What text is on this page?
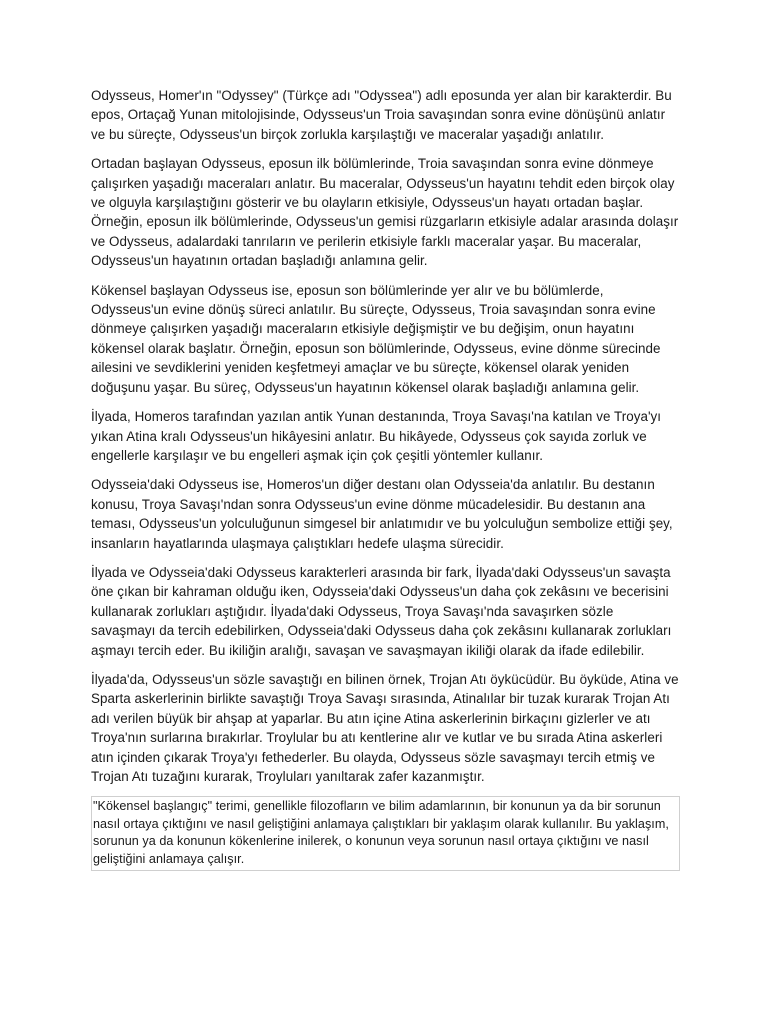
Odysseus, Homer'ın "Odyssey" (Türkçe adı "Odyssea") adlı eposunda yer alan bir karakterdir. Bu epos, Ortaçağ Yunan mitolojisinde, Odysseus'un Troia savaşından sonra evine dönüşünü anlatır ve bu süreçte, Odysseus'un birçok zorlukla karşılaştığı ve maceralar yaşadığı anlatılır.

Ortadan başlayan Odysseus, eposun ilk bölümlerinde, Troia savaşından sonra evine dönmeye çalışırken yaşadığı maceraları anlatır. Bu maceralar, Odysseus'un hayatını tehdit eden birçok olay ve olguyla karşılaştığını gösterir ve bu olayların etkisiyle, Odysseus'un hayatı ortadan başlar. Örneğin, eposun ilk bölümlerinde, Odysseus'un gemisi rüzgarların etkisiyle adalar arasında dolaşır ve Odysseus, adalardaki tanrıların ve perilerin etkisiyle farklı maceralar yaşar. Bu maceralar, Odysseus'un hayatının ortadan başladığı anlamına gelir.

Kökensel başlayan Odysseus ise, eposun son bölümlerinde yer alır ve bu bölümlerde, Odysseus'un evine dönüş süreci anlatılır. Bu süreçte, Odysseus, Troia savaşından sonra evine dönmeye çalışırken yaşadığı maceraların etkisiyle değişmiştir ve bu değişim, onun hayatını kökensel olarak başlatır. Örneğin, eposun son bölümlerinde, Odysseus, evine dönme sürecinde ailesini ve sevdiklerini yeniden keşfetmeyi amaçlar ve bu süreçte, kökensel olarak yeniden doğuşunu yaşar. Bu süreç, Odysseus'un hayatının kökensel olarak başladığı anlamına gelir.

İlyada, Homeros tarafından yazılan antik Yunan destanında, Troya Savaşı'na katılan ve Troya'yı yıkan Atina kralı Odysseus'un hikâyesini anlatır. Bu hikâyede, Odysseus çok sayıda zorluk ve engellerle karşılaşır ve bu engelleri aşmak için çok çeşitli yöntemler kullanır.

Odysseia'daki Odysseus ise, Homeros'un diğer destanı olan Odysseia'da anlatılır. Bu destanın konusu, Troya Savaşı'ndan sonra Odysseus'un evine dönme mücadelesidir. Bu destanın ana teması, Odysseus'un yolculuğunun simgesel bir anlatımıdır ve bu yolculuğun sembolize ettiği şey, insanların hayatlarında ulaşmaya çalıştıkları hedefe ulaşma sürecidir.

İlyada ve Odysseia'daki Odysseus karakterleri arasında bir fark, İlyada'daki Odysseus'un savaşta öne çıkan bir kahraman olduğu iken, Odysseia'daki Odysseus'un daha çok zekâsını ve becerisini kullanarak zorlukları aştığıdır. İlyada'daki Odysseus, Troya Savaşı'nda savaşırken sözle savaşmayı da tercih edebilirken, Odysseia'daki Odysseus daha çok zekâsını kullanarak zorlukları aşmayı tercih eder. Bu ikiliğin aralığı, savaşan ve savaşmayan ikiliği olarak da ifade edilebilir.

İlyada'da, Odysseus'un sözle savaştığı en bilinen örnek, Trojan Atı öykücüdür. Bu öyküde, Atina ve Sparta askerlerinin birlikte savaştığı Troya Savaşı sırasında, Atinalılar bir tuzak kurarak Trojan Atı adı verilen büyük bir ahşap at yaparlar. Bu atın içine Atina askerlerinin birkaçını gizlerler ve atı Troya'nın surlarına bırakırlar. Troylular bu atı kentlerine alır ve kutlar ve bu sırada Atina askerleri atın içinden çıkarak Troya'yı fethederler. Bu olayda, Odysseus sözle savaşmayı tercih etmiş ve Trojan Atı tuzağını kurarak, Troyluları yanıltarak zafer kazanmıştır.

"Kökensel başlangıç" terimi, genellikle filozofların ve bilim adamlarının, bir konunun ya da bir sorunun nasıl ortaya çıktığını ve nasıl geliştiğini anlamaya çalıştıkları bir yaklaşım olarak kullanılır. Bu yaklaşım, sorunun ya da konunun kökenlerine inilerek, o konunun veya sorunun nasıl ortaya çıktığını ve nasıl geliştiğini anlamaya çalışır.
